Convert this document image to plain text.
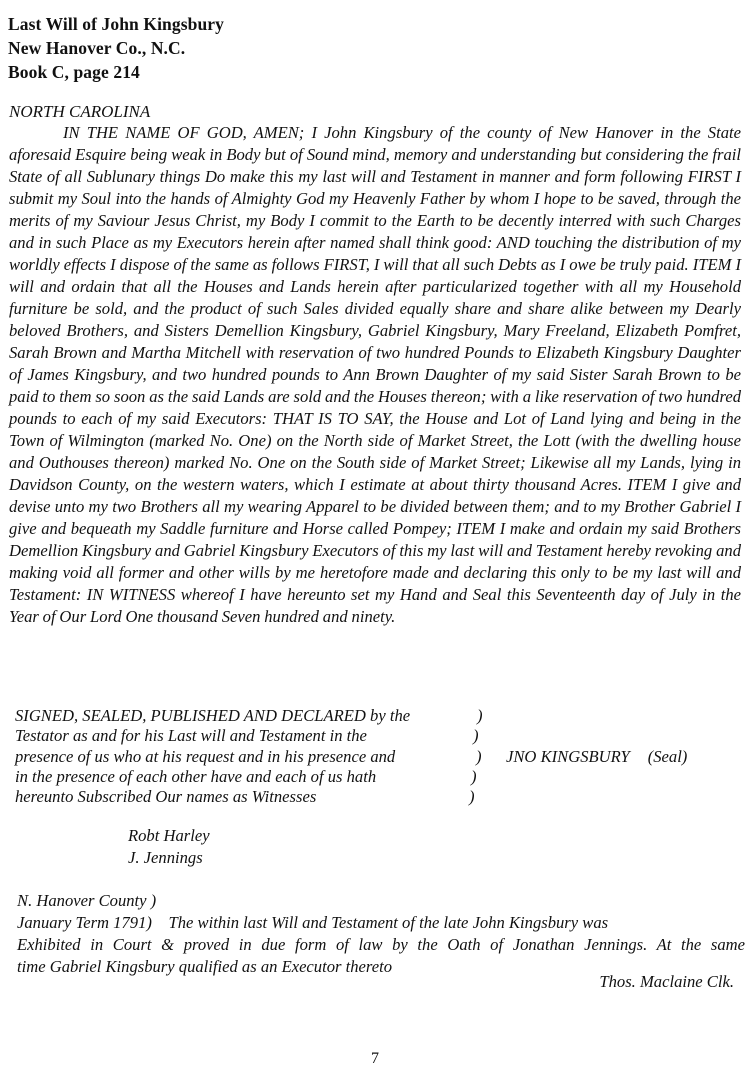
Last Will of John Kingsbury
New Hanover Co., N.C.
Book C, page 214
NORTH CAROLINA
IN THE NAME OF GOD, AMEN; I John Kingsbury of the county of New Hanover in the State aforesaid Esquire being weak in Body but of Sound mind, memory and understanding but considering the frail State of all Sublunary things Do make this my last will and Testament in manner and form following FIRST I submit my Soul into the hands of Almighty God my Heavenly Father by whom I hope to be saved, through the merits of my Saviour Jesus Christ, my Body I commit to the Earth to be decently interred with such Charges and in such Place as my Executors herein after named shall think good: AND touching the distribution of my worldly effects I dispose of the same as follows FIRST, I will that all such Debts as I owe be truly paid. ITEM I will and ordain that all the Houses and Lands herein after particularized together with all my Household furniture be sold, and the product of such Sales divided equally share and share alike between my Dearly beloved Brothers, and Sisters Demellion Kingsbury, Gabriel Kingsbury, Mary Freeland, Elizabeth Pomfret, Sarah Brown and Martha Mitchell with reservation of two hundred Pounds to Elizabeth Kingsbury Daughter of James Kingsbury, and two hundred pounds to Ann Brown Daughter of my said Sister Sarah Brown to be paid to them so soon as the said Lands are sold and the Houses thereon; with a like reservation of two hundred pounds to each of my said Executors: THAT IS TO SAY, the House and Lot of Land lying and being in the Town of Wilmington (marked No. One) on the North side of Market Street, the Lott (with the dwelling house and Outhouses thereon) marked No. One on the South side of Market Street; Likewise all my Lands, lying in Davidson County, on the western waters, which I estimate at about thirty thousand Acres. ITEM I give and devise unto my two Brothers all my wearing Apparel to be divided between them; and to my Brother Gabriel I give and bequeath my Saddle furniture and Horse called Pompey; ITEM I make and ordain my said Brothers Demellion Kingsbury and Gabriel Kingsbury Executors of this my last will and Testament hereby revoking and making void all former and other wills by me heretofore made and declaring this only to be my last will and Testament: IN WITNESS whereof I have hereunto set my Hand and Seal this Seventeenth day of July in the Year of Our Lord One thousand Seven hundred and ninety.
SIGNED, SEALED, PUBLISHED AND DECLARED by the	)
Testator as and for his Last will and Testament in the	)
presence of us who at his request and in his presence and	)
in the presence of each other have and each of us hath	)
hereunto Subscribed Our names as Witnesses	)
JNO KINGSBURY (Seal)
Robt Harley
J. Jennings
N. Hanover County )
January Term 1791)    The within last Will and Testament of the late John Kingsbury was
Exhibited in Court & proved in due form of law by the Oath of Jonathan Jennings. At the same
time Gabriel Kingsbury qualified as an Executor thereto
Thos. Maclaine Clk.
7
